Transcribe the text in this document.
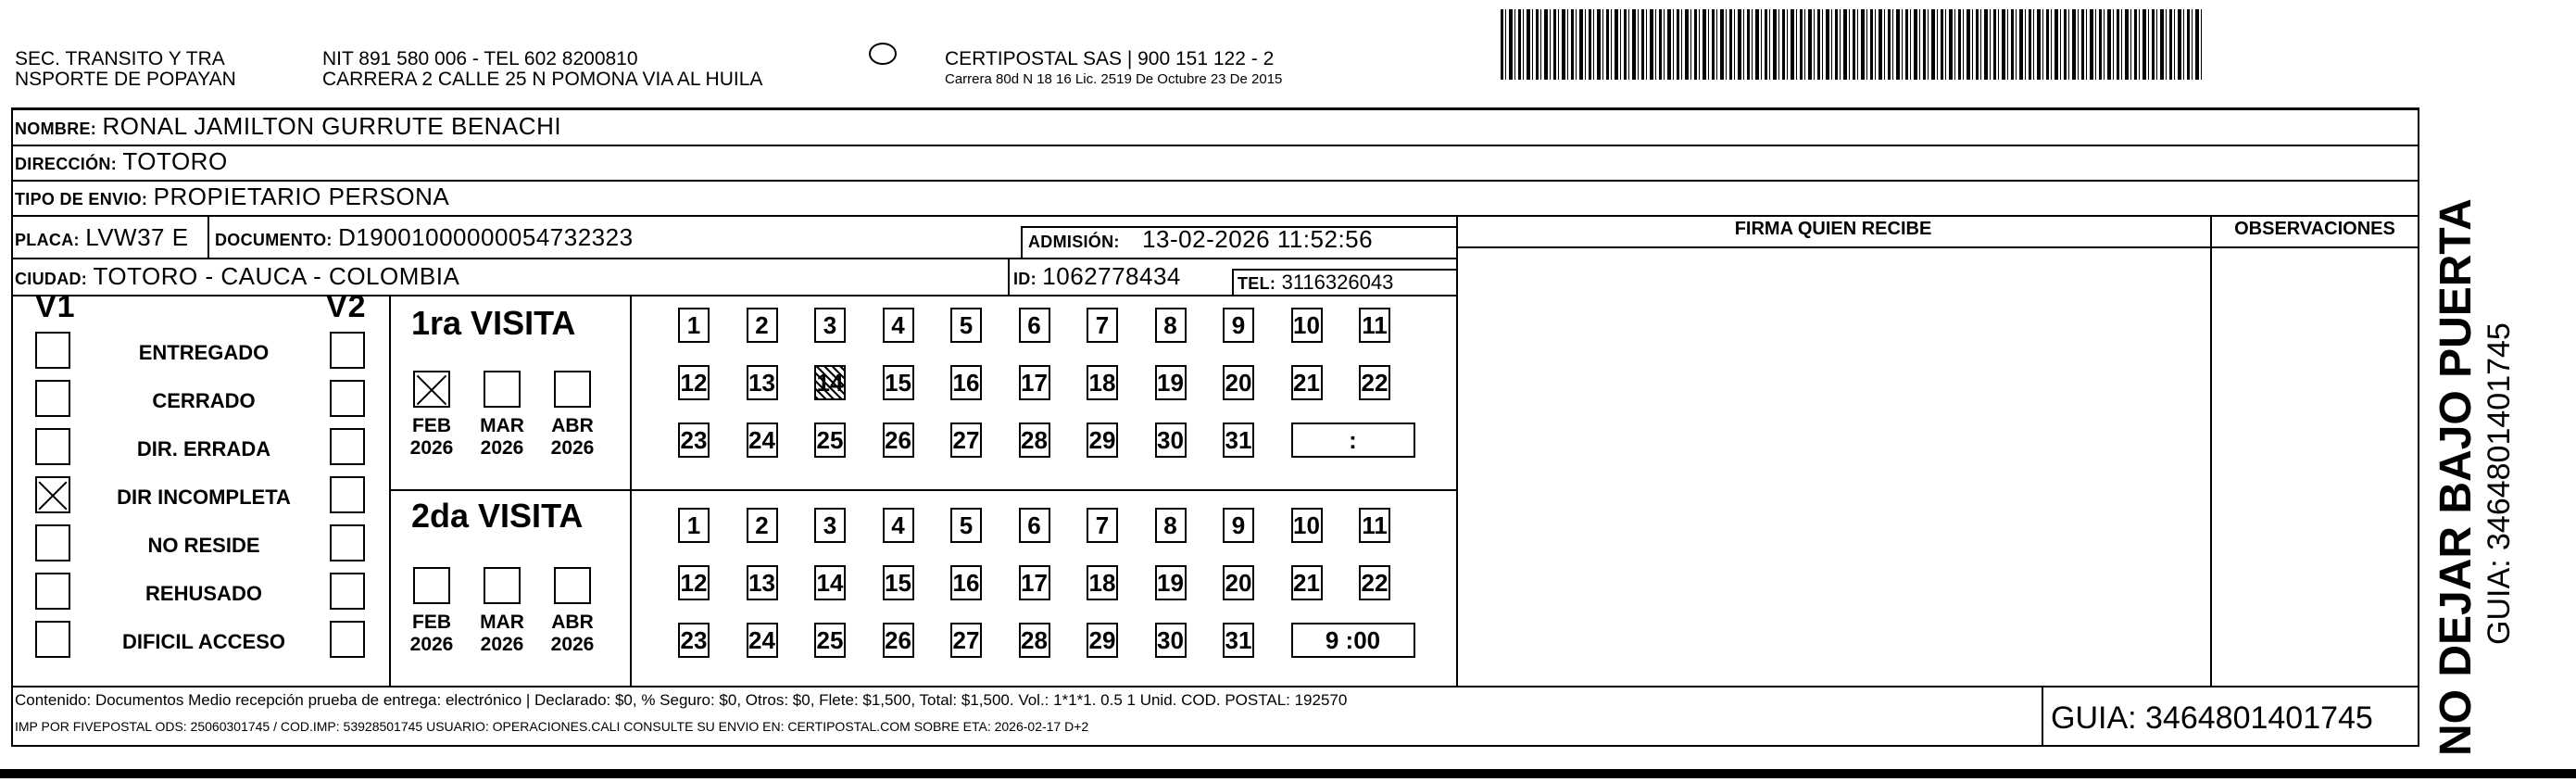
SEC. TRANSITO Y TRA
NSPORTE DE POPAYAN
NIT 891 580 006 - TEL 602 8200810
CARRERA 2 CALLE 25 N POMONA VIA AL HUILA
CERTIPOSTAL SAS | 900 151 122 - 2
Carrera 80d N 18 16 Lic. 2519 De Octubre 23 De 2015
NOMBRE: RONAL JAMILTON GURRUTE BENACHI
DIRECCIÓN: TOTORO
TIPO DE ENVIO: PROPIETARIO PERSONA
FIRMA QUIEN RECIBE	OBSERVACIONES
PLACA: LVW37 E DOCUMENTO: D19001000000054732323	ADMISIÓN: 13-02-2026 11:52:56
CIUDAD: TOTORO - CAUCA - COLOMBIA	ID: 1062778434	TEL: 3116326043
V1	V2
ENTREGADO
CERRADO
DIR. ERRADA
DIR INCOMPLETA
NO RESIDE
REHUSADO
DIFICIL ACCESO
1ra VISITA
2da VISITA
FEB
2026
MAR
2026
ABR
2026
FEB
2026
MAR
2026
ABR
2026
1	2	3	4	5	6	7	8	9	10 11
12 13 14 15 16 17 18 19 20 21 22
23 24 25 26 27 28 29 30 31	:
1	2	3	4	5	6	7	8	9	10 11
12 13 14 15 16 17 18 19 20 21 22
23 24 25 26 27 28 29 30 31	9 :00
Contenido: Documentos Medio recepción prueba de entrega: electrónico | Declarado: $0, % Seguro: $0, Otros: $0, Flete: $1,500, Total: $1,500. Vol.: 1*1*1. 0.5 1 Unid. COD. POSTAL: 192570
IMP POR FIVEPOSTAL ODS: 25060301745 / COD.IMP: 53928501745 USUARIO: OPERACIONES.CALI CONSULTE SU ENVIO EN: CERTIPOSTAL.COM SOBRE ETA: 2026-02-17 D+2	GUIA: 3464801401745 NO DEJAR BAJO PUERTA GUIA: 3464801401745
